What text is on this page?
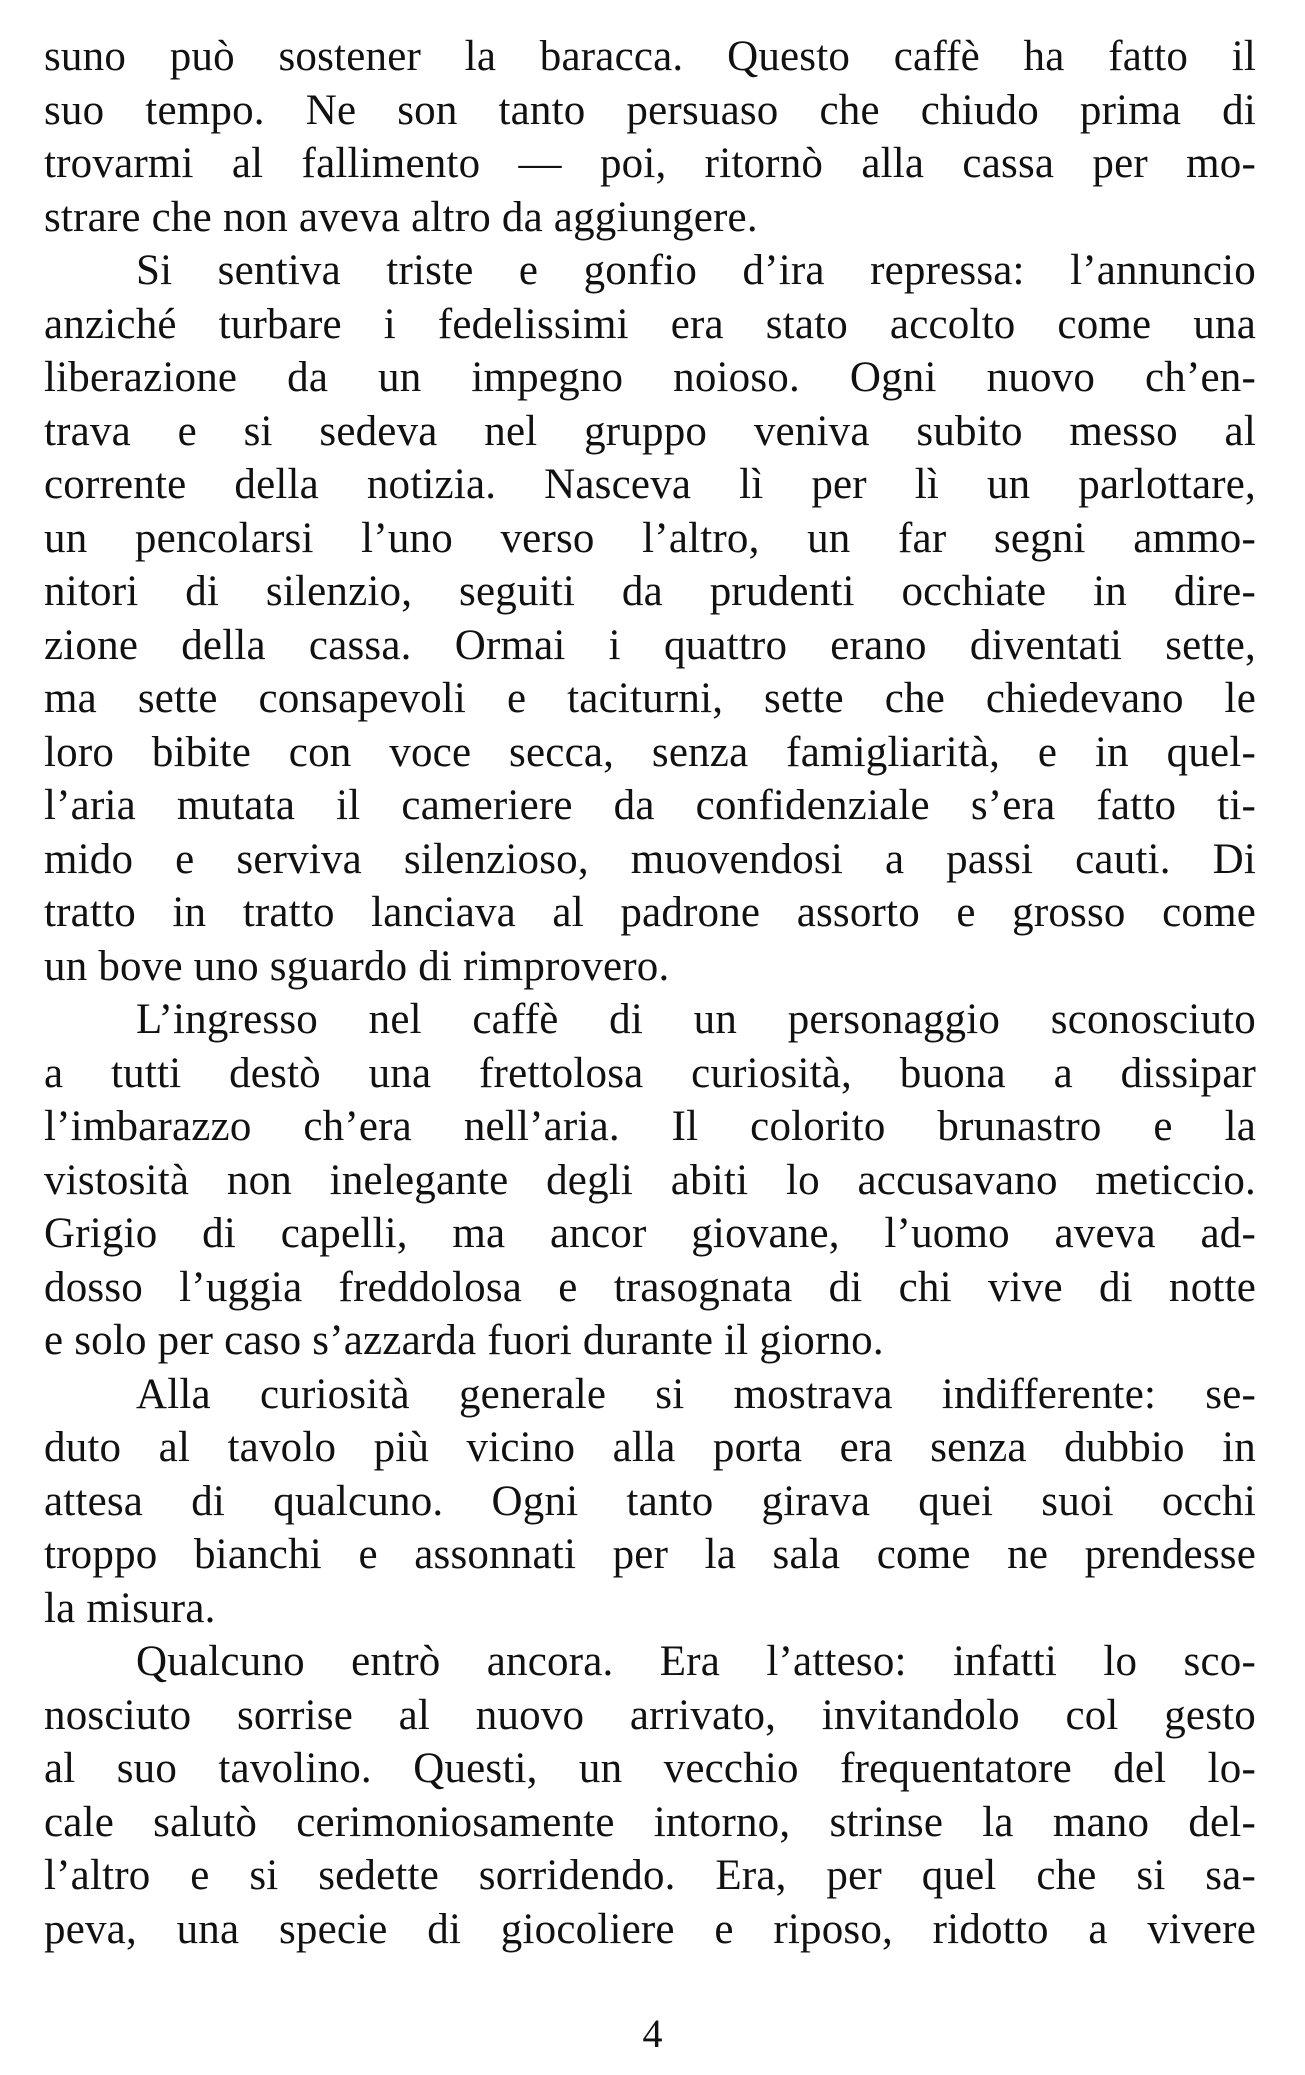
suno può sostener la baracca. Questo caffè ha fatto il
suo tempo. Ne son tanto persuaso che chiudo prima di
trovarmi al fallimento — poi, ritornò alla cassa per mo-
strare che non aveva altro da aggiungere.
Si sentiva triste e gonfio d’ira repressa: l’annuncio
anziché turbare i fedelissimi era stato accolto come una
liberazione da un impegno noioso. Ogni nuovo ch’en-
trava e si sedeva nel gruppo veniva subito messo al
corrente della notizia. Nasceva lì per lì un parlottare,
un pencolarsi l’uno verso l’altro, un far segni ammo-
nitori di silenzio, seguiti da prudenti occhiate in dire-
zione della cassa. Ormai i quattro erano diventati sette,
ma sette consapevoli e taciturni, sette che chiedevano le
loro bibite con voce secca, senza famigliarità, e in quel-
l’aria mutata il cameriere da confidenziale s’era fatto ti-
mido e serviva silenzioso, muovendosi a passi cauti. Di
tratto in tratto lanciava al padrone assorto e grosso come
un bove uno sguardo di rimprovero.
L’ingresso nel caffè di un personaggio sconosciuto
a tutti destò una frettolosa curiosità, buona a dissipar
l’imbarazzo ch’era nell’aria. Il colorito brunastro e la
vistosità non inelegante degli abiti lo accusavano meticcio.
Grigio di capelli, ma ancor giovane, l’uomo aveva ad-
dosso l’uggia freddolosa e trasognata di chi vive di notte
e solo per caso s’azzarda fuori durante il giorno.
Alla curiosità generale si mostrava indifferente: se-
duto al tavolo più vicino alla porta era senza dubbio in
attesa di qualcuno. Ogni tanto girava quei suoi occhi
troppo bianchi e assonnati per la sala come ne prendesse
la misura.
Qualcuno entrò ancora. Era l’atteso: infatti lo sco-
nosciuto sorrise al nuovo arrivato, invitandolo col gesto
al suo tavolino. Questi, un vecchio frequentatore del lo-
cale salutò cerimoniosamente intorno, strinse la mano del-
l’altro e si sedette sorridendo. Era, per quel che si sa-
peva, una specie di giocoliere e riposo, ridotto a vivere
4
